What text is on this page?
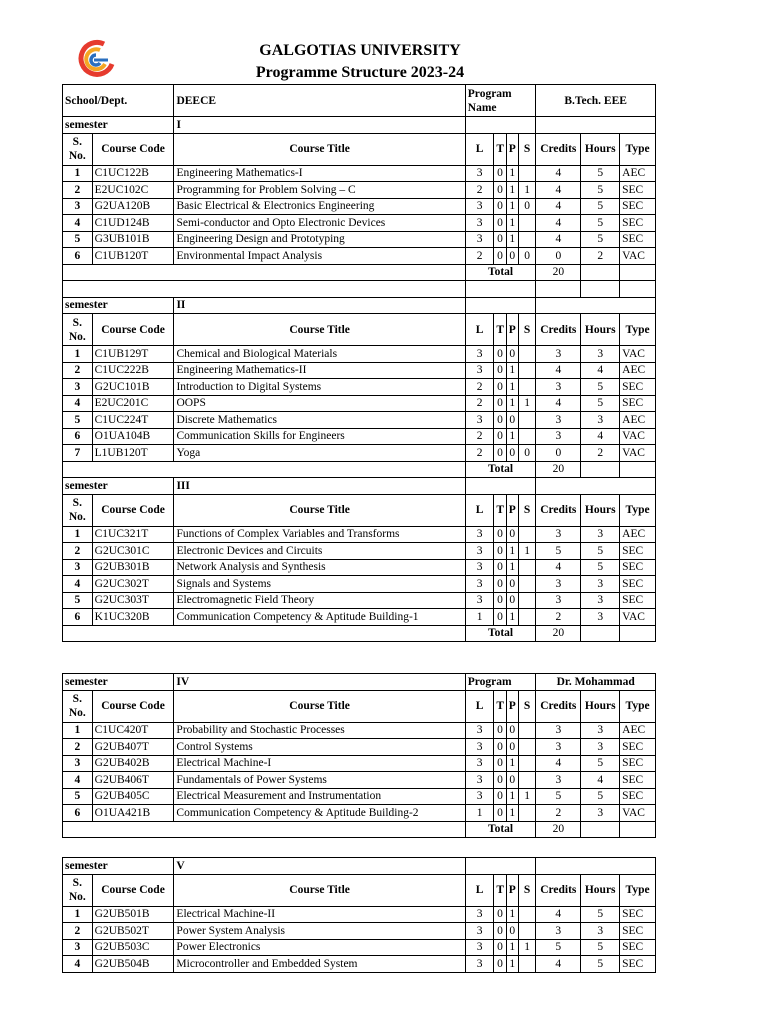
GALGOTIAS UNIVERSITY
Programme Structure 2023-24
School/Dept.		DEECE	Program Name				B.Tech. EEE		
semester		I							
S. No.	Course Code	Course Title	L	T	P	S	Credits	Hours	Type
1	C1UC122B	Engineering Mathematics-I	3	0	1		4	5	AEC
2	E2UC102C	Programming for Problem Solving – C	2	0	1	1	4	5	SEC
3	G2UA120B	Basic Electrical & Electronics Engineering	3	0	1	0	4	5	SEC
4	C1UD124B	Semi-conductor and Opto Electronic Devices	3	0	1		4	5	SEC
5	G3UB101B	Engineering Design and Prototyping	3	0	1		4	5	SEC
6	C1UB120T	Environmental Impact Analysis	2	0	0	0	0	2	VAC
			Total				20		

semester		II							
S. No.	Course Code	Course Title	L	T	P	S	Credits	Hours	Type
1	C1UB129T	Chemical and Biological Materials	3	0	0		3	3	VAC
2	C1UC222B	Engineering Mathematics-II	3	0	1		4	4	AEC
3	G2UC101B	Introduction to Digital Systems	2	0	1		3	5	SEC
4	E2UC201C	OOPS	2	0	1	1	4	5	SEC
5	C1UC224T	Discrete Mathematics	3	0	0		3	3	AEC
6	O1UA104B	Communication Skills for Engineers	2	0	1		3	4	VAC
7	L1UB120T	Yoga	2	0	0	0	0	2	VAC
			Total				20		
semester		III							
S. No.	Course Code	Course Title	L	T	P	S	Credits	Hours	Type
1	C1UC321T	Functions of Complex Variables and Transforms	3	0	0		3	3	AEC
2	G2UC301C	Electronic Devices and Circuits	3	0	1	1	5	5	SEC
3	G2UB301B	Network Analysis and Synthesis	3	0	1		4	5	SEC
4	G2UC302T	Signals and Systems	3	0	0		3	3	SEC
5	G2UC303T	Electromagnetic Field Theory	3	0	0		3	3	SEC
6	K1UC320B	Communication Competency & Aptitude Building-1	1	0	1		2	3	VAC
			Total				20		
semester		IV	Program				Dr. Mohammad		
S. No.	Course Code	Course Title	L	T	P	S	Credits	Hours	Type
1	C1UC420T	Probability and Stochastic Processes	3	0	0		3	3	AEC
2	G2UB407T	Control Systems	3	0	0		3	3	SEC
3	G2UB402B	Electrical Machine-I	3	0	1		4	5	SEC
4	G2UB406T	Fundamentals of Power Systems	3	0	0		3	4	SEC
5	G2UB405C	Electrical Measurement and Instrumentation	3	0	1	1	5	5	SEC
6	O1UA421B	Communication Competency & Aptitude Building-2	1	0	1		2	3	VAC
			Total				20		
semester		V							
S. No.	Course Code	Course Title	L	T	P	S	Credits	Hours	Type
1	G2UB501B	Electrical Machine-II	3	0	1		4	5	SEC
2	G2UB502T	Power System Analysis	3	0	0		3	3	SEC
3	G2UB503C	Power Electronics	3	0	1	1	5	5	SEC
4	G2UB504B	Microcontroller and Embedded System	3	0	1		4	5	SEC
